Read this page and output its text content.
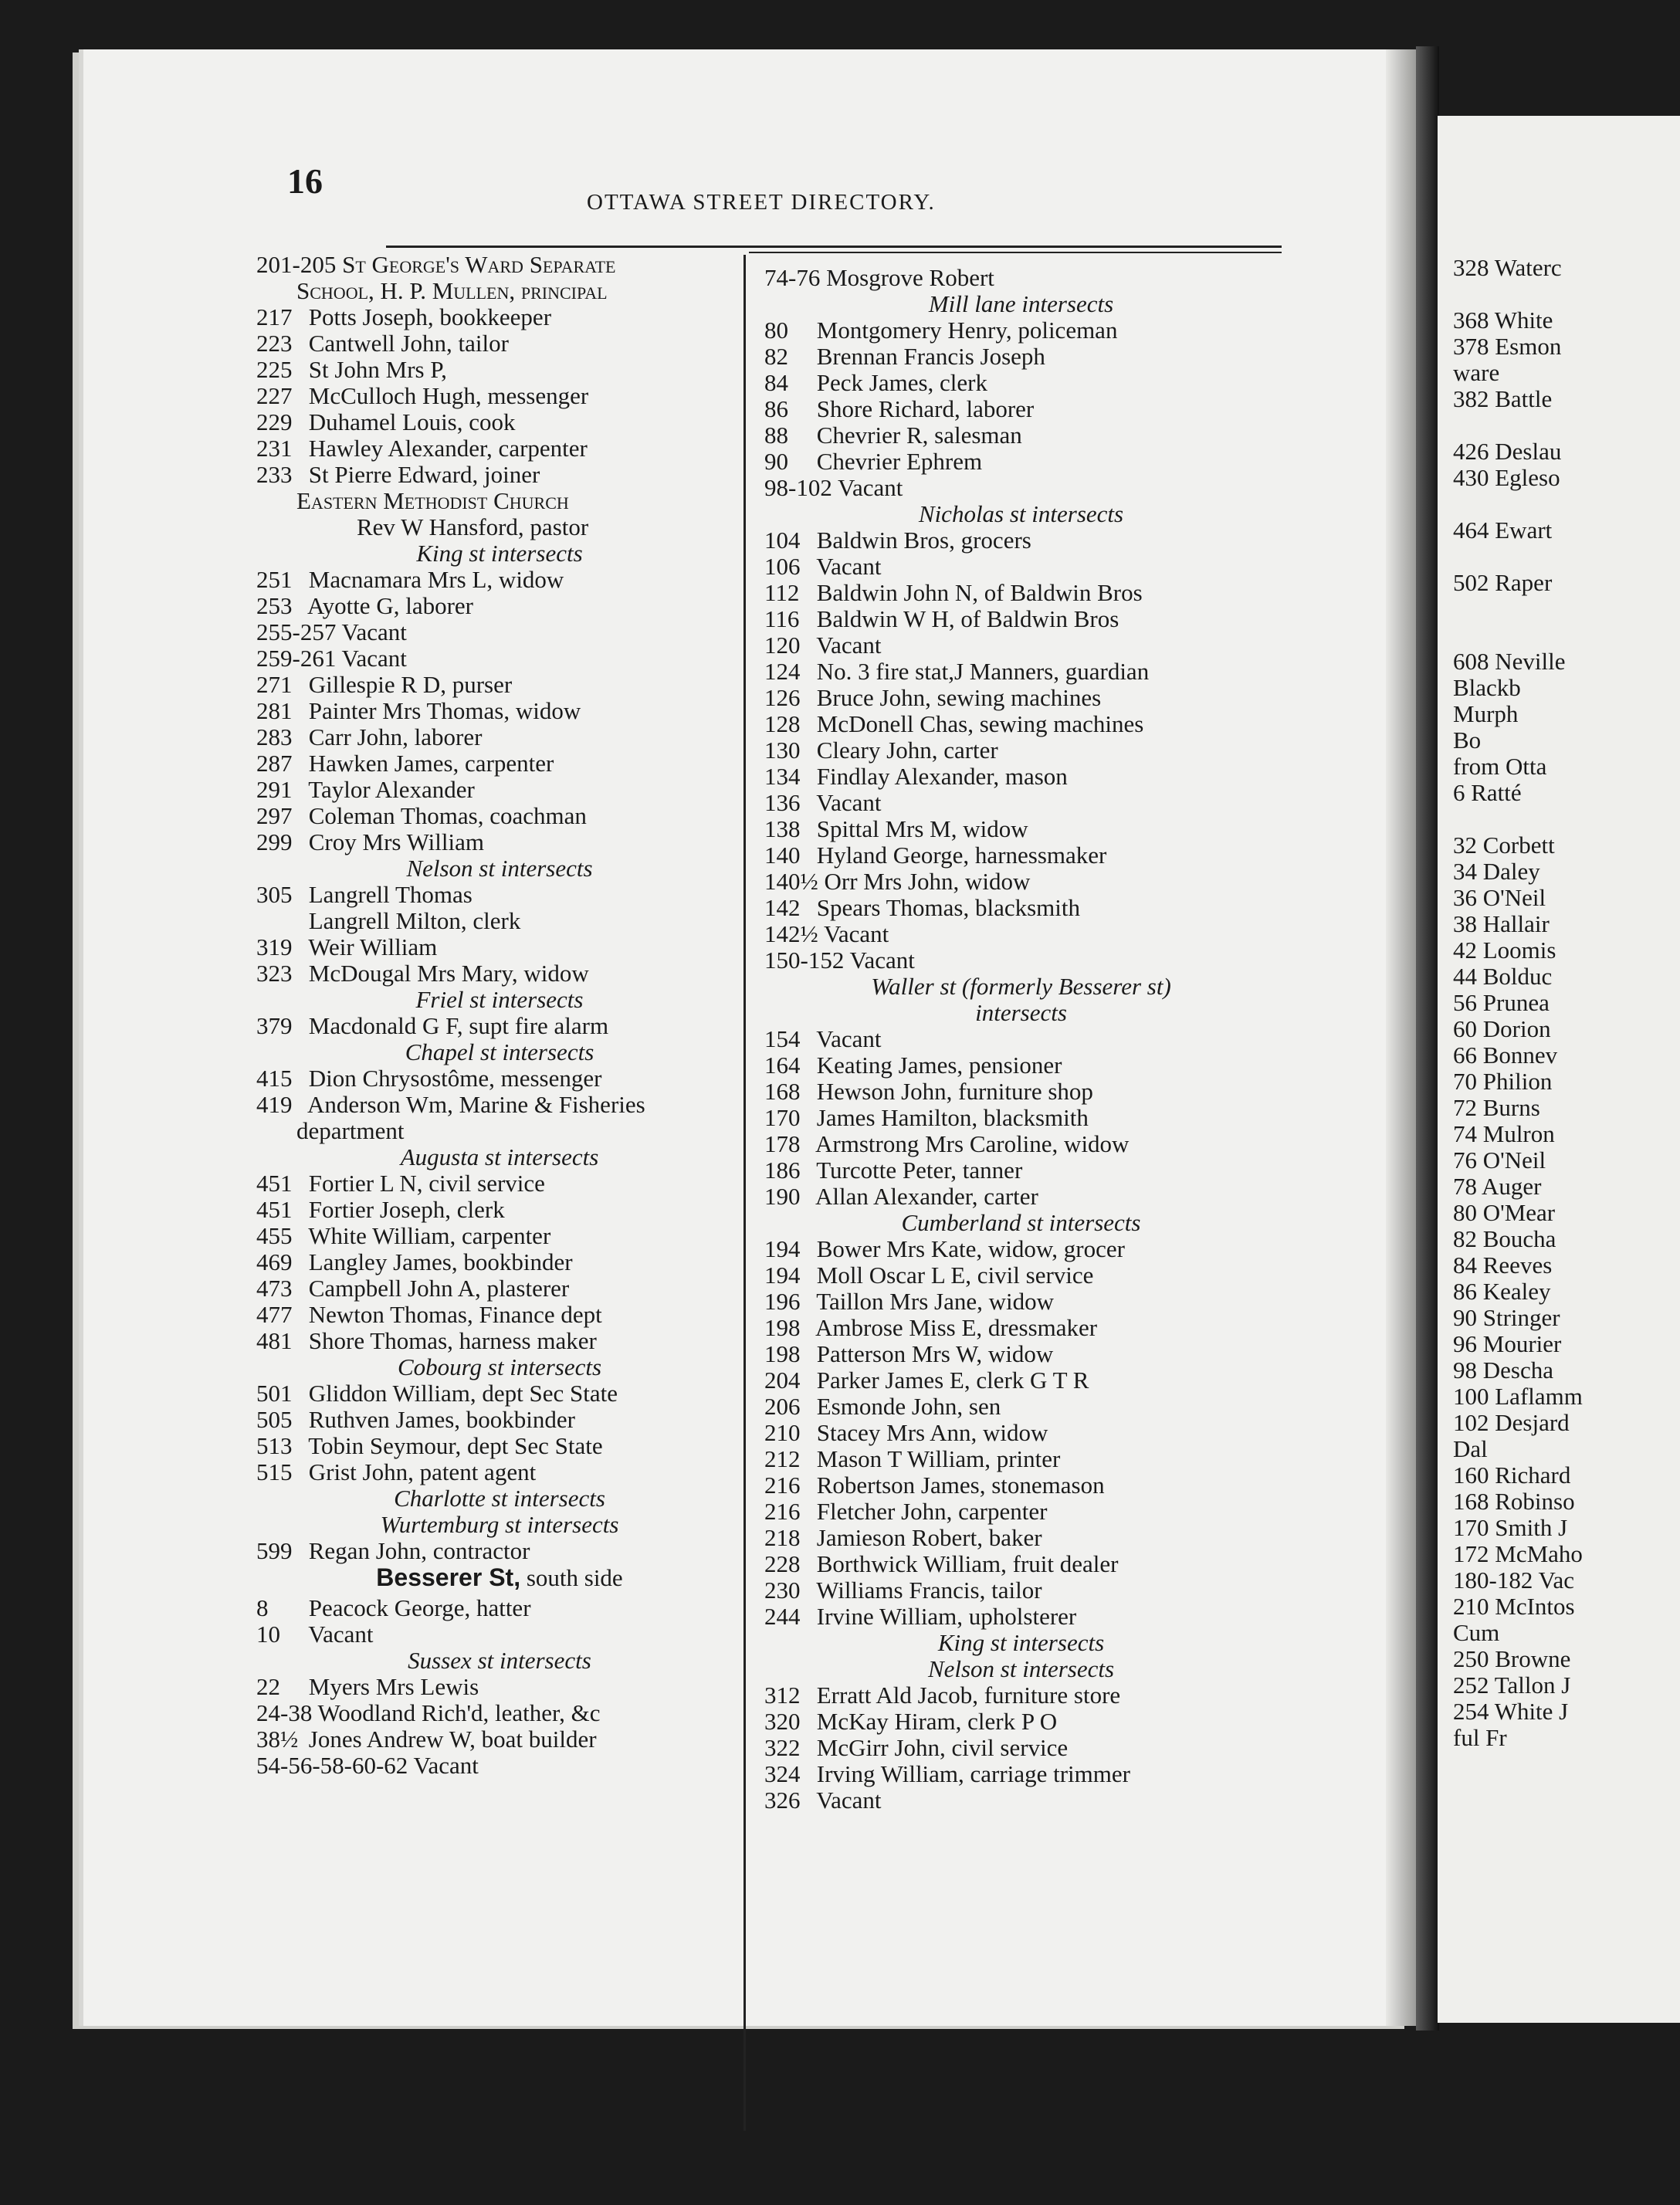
328 Waterc
368 White
378 Esmon
ware
382 Battle
426 Deslau
430 Egleso
464 Ewart
502 Raper
608 Neville
Blackb
Murph
Bo
from Otta
6 Ratté
32 Corbett
34 Daley
36 O'Neil
38 Hallair
42 Loomis
44 Bolduc
56 Prunea
60 Dorion
66 Bonnev
70 Philion
72 Burns
74 Mulron
76 O'Neil
78 Auger
80 O'Mear
82 Boucha
84 Reeves
86 Kealey
90 Stringer
96 Mourier
98 Descha
100 Laflamm
102 Desjard
Dal
160 Richard
168 Robinso
170 Smith J
172 McMaho
180-182 Vac
210 McIntos
Cum
250 Browne
252 Tallon J
254 White J
ful Fr
16
OTTAWA STREET DIRECTORY.
201-205 St George's Ward Separate
School, H. P. Mullen, principal
217 Potts Joseph, bookkeeper
223 Cantwell John, tailor
225 St John Mrs P,
227 McCulloch Hugh, messenger
229 Duhamel Louis, cook
231 Hawley Alexander, carpenter
233 St Pierre Edward, joiner
Eastern Methodist Church
Rev W Hansford, pastor
King st intersects
251 Macnamara Mrs L, widow
253 Ayotte G, laborer
255-257 Vacant
259-261 Vacant
271 Gillespie R D, purser
281 Painter Mrs Thomas, widow
283 Carr John, laborer
287 Hawken James, carpenter
291 Taylor Alexander
297 Coleman Thomas, coachman
299 Croy Mrs William
Nelson st intersects
305 Langrell Thomas
Langrell Milton, clerk
319 Weir William
323 McDougal Mrs Mary, widow
Friel st intersects
379 Macdonald G F, supt fire alarm
Chapel st intersects
415 Dion Chrysostôme, messenger
419 Anderson Wm, Marine & Fisheries
department
Augusta st intersects
451 Fortier L N, civil service
451 Fortier Joseph, clerk
455 White William, carpenter
469 Langley James, bookbinder
473 Campbell John A, plasterer
477 Newton Thomas, Finance dept
481 Shore Thomas, harness maker
Cobourg st intersects
501 Gliddon William, dept Sec State
505 Ruthven James, bookbinder
513 Tobin Seymour, dept Sec State
515 Grist John, patent agent
Charlotte st intersects
Wurtemburg st intersects
599 Regan John, contractor
Besserer St, south side
8 Peacock George, hatter
10 Vacant
Sussex st intersects
22 Myers Mrs Lewis
24-38 Woodland Rich'd, leather, &c
38½ Jones Andrew W, boat builder
54-56-58-60-62 Vacant
74-76 Mosgrove Robert
Mill lane intersects
80 Montgomery Henry, policeman
82 Brennan Francis Joseph
84 Peck James, clerk
86 Shore Richard, laborer
88 Chevrier R, salesman
90 Chevrier Ephrem
98-102 Vacant
Nicholas st intersects
104 Baldwin Bros, grocers
106 Vacant
112 Baldwin John N, of Baldwin Bros
116 Baldwin W H, of Baldwin Bros
120 Vacant
124 No. 3 fire stat,J Manners, guardian
126 Bruce John, sewing machines
128 McDonell Chas, sewing machines
130 Cleary John, carter
134 Findlay Alexander, mason
136 Vacant
138 Spittal Mrs M, widow
140 Hyland George, harnessmaker
140½ Orr Mrs John, widow
142 Spears Thomas, blacksmith
142½ Vacant
150-152 Vacant
Waller st (formerly Besserer st)
intersects
154 Vacant
164 Keating James, pensioner
168 Hewson John, furniture shop
170 James Hamilton, blacksmith
178 Armstrong Mrs Caroline, widow
186 Turcotte Peter, tanner
190 Allan Alexander, carter
Cumberland st intersects
194 Bower Mrs Kate, widow, grocer
194 Moll Oscar L E, civil service
196 Taillon Mrs Jane, widow
198 Ambrose Miss E, dressmaker
198 Patterson Mrs W, widow
204 Parker James E, clerk G T R
206 Esmonde John, sen
210 Stacey Mrs Ann, widow
212 Mason T William, printer
216 Robertson James, stonemason
216 Fletcher John, carpenter
218 Jamieson Robert, baker
228 Borthwick William, fruit dealer
230 Williams Francis, tailor
244 Irvine William, upholsterer
King st intersects
Nelson st intersects
312 Erratt Ald Jacob, furniture store
320 McKay Hiram, clerk P O
322 McGirr John, civil service
324 Irving William, carriage trimmer
326 Vacant
